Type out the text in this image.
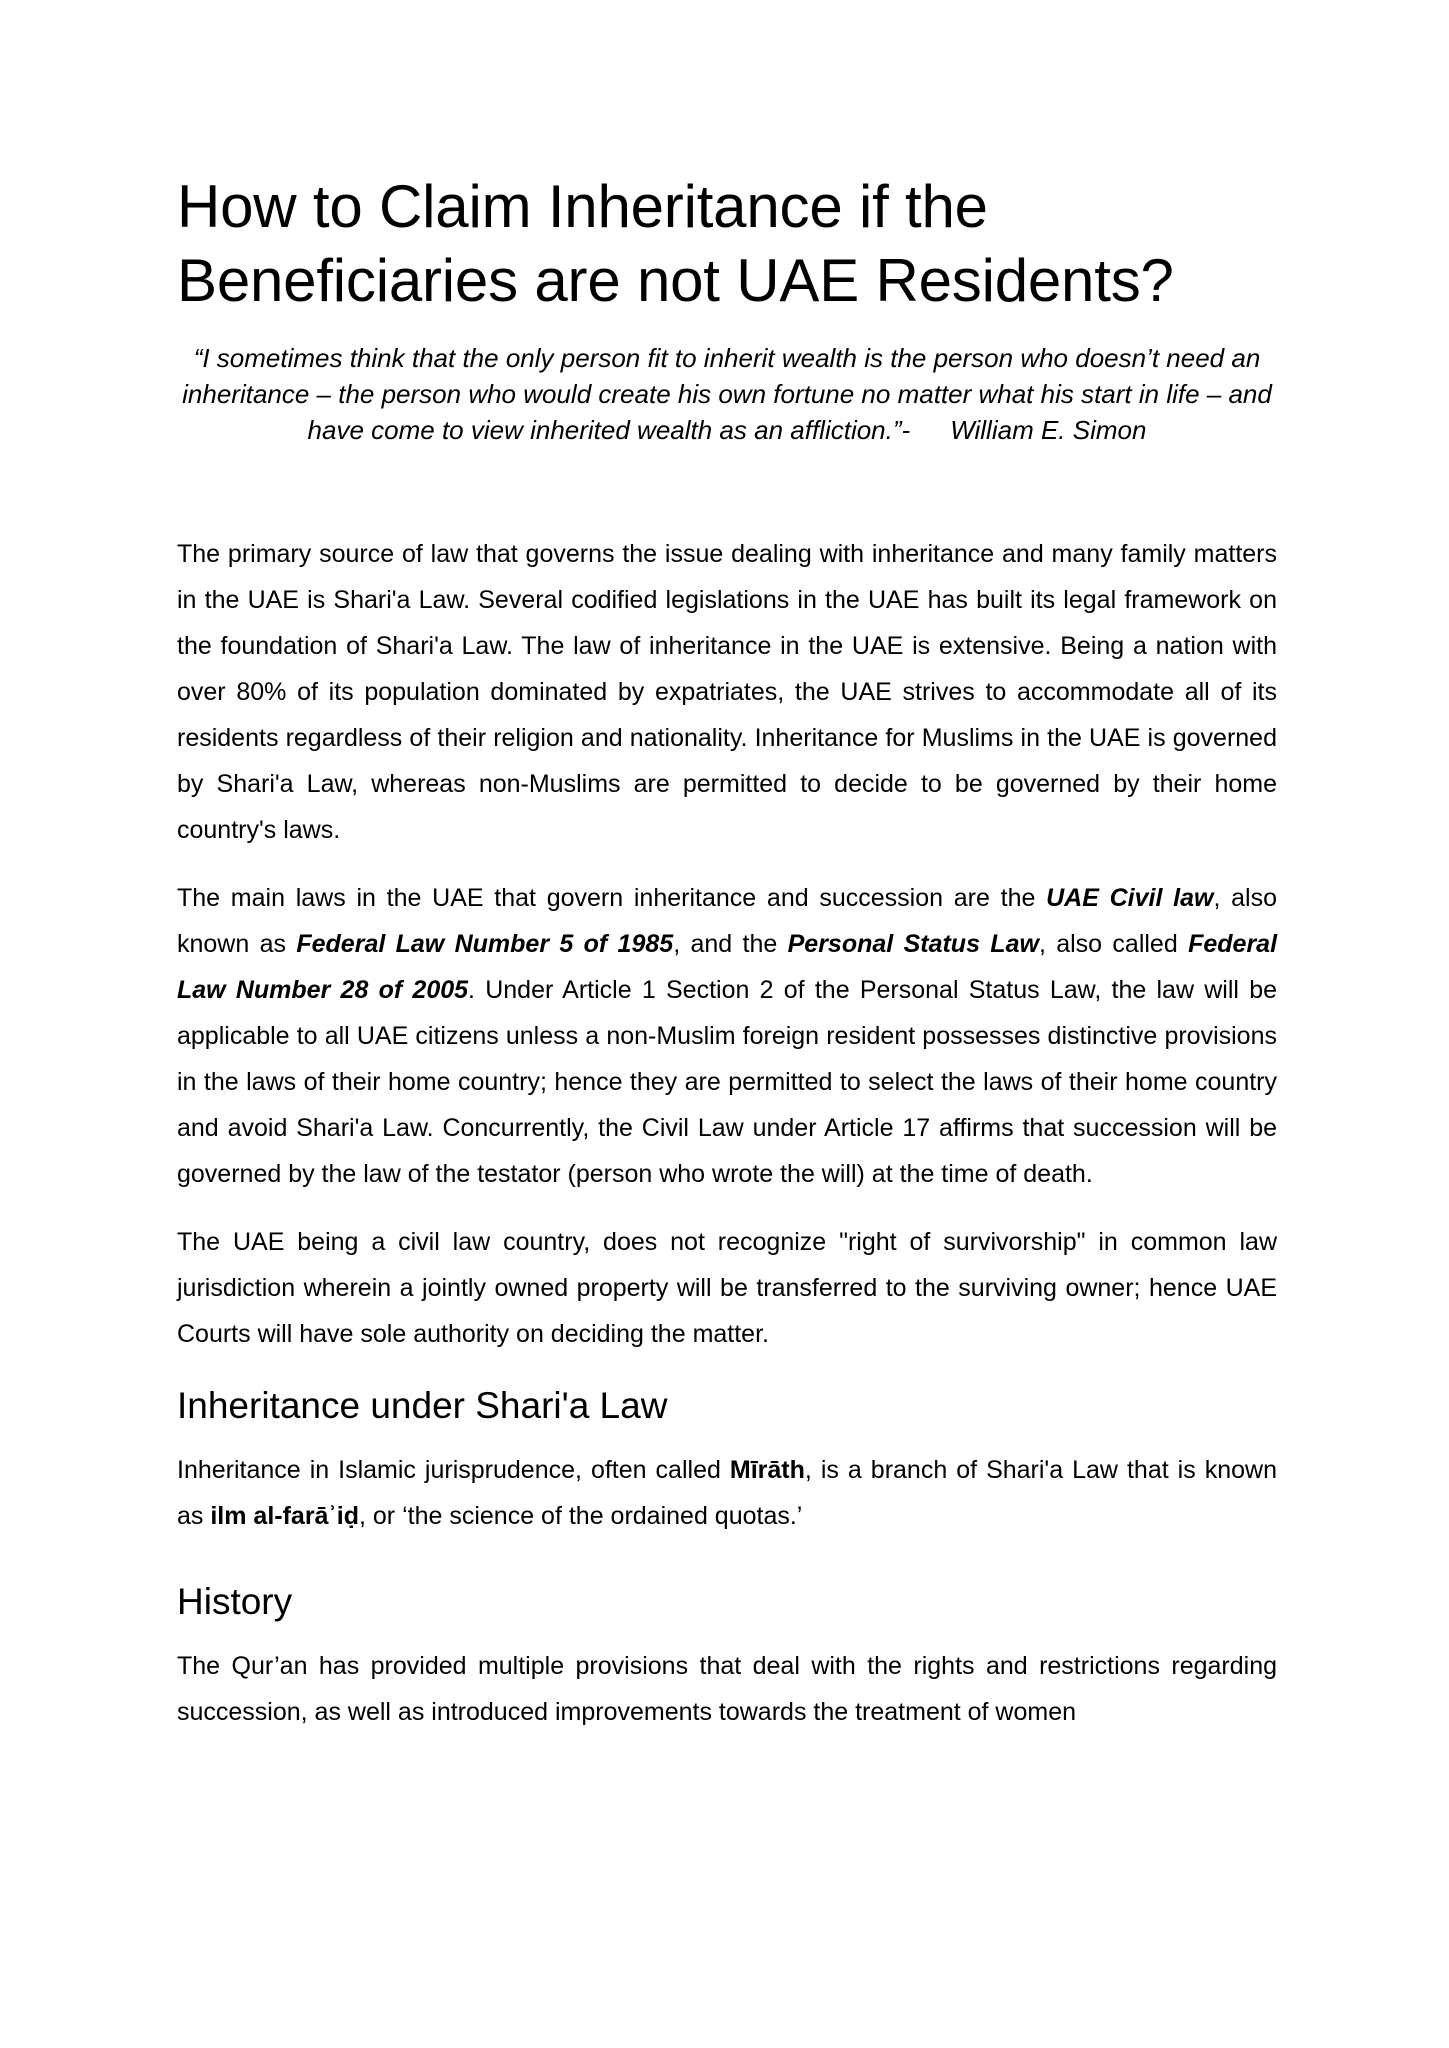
How to Claim Inheritance if the Beneficiaries are not UAE Residents?

“I sometimes think that the only person fit to inherit wealth is the person who doesn’t need an inheritance – the person who would create his own fortune no matter what his start in life – and have come to view inherited wealth as an affliction.”- William E. Simon

The primary source of law that governs the issue dealing with inheritance and many family matters in the UAE is Shari'a Law. Several codified legislations in the UAE has built its legal framework on the foundation of Shari'a Law. The law of inheritance in the UAE is extensive. Being a nation with over 80% of its population dominated by expatriates, the UAE strives to accommodate all of its residents regardless of their religion and nationality. Inheritance for Muslims in the UAE is governed by Shari'a Law, whereas non-Muslims are permitted to decide to be governed by their home country's laws.

The main laws in the UAE that govern inheritance and succession are the UAE Civil law, also known as Federal Law Number 5 of 1985, and the Personal Status Law, also called Federal Law Number 28 of 2005. Under Article 1 Section 2 of the Personal Status Law, the law will be applicable to all UAE citizens unless a non-Muslim foreign resident possesses distinctive provisions in the laws of their home country; hence they are permitted to select the laws of their home country and avoid Shari'a Law. Concurrently, the Civil Law under Article 17 affirms that succession will be governed by the law of the testator (person who wrote the will) at the time of death.

The UAE being a civil law country, does not recognize "right of survivorship" in common law jurisdiction wherein a jointly owned property will be transferred to the surviving owner; hence UAE Courts will have sole authority on deciding the matter.

Inheritance under Shari'a Law

Inheritance in Islamic jurisprudence, often called Mīrāth, is a branch of Shari'a Law that is known as ilm al-farāʾiḍ, or ‘the science of the ordained quotas.’

History

The Qur’an has provided multiple provisions that deal with the rights and restrictions regarding succession, as well as introduced improvements towards the treatment of women
